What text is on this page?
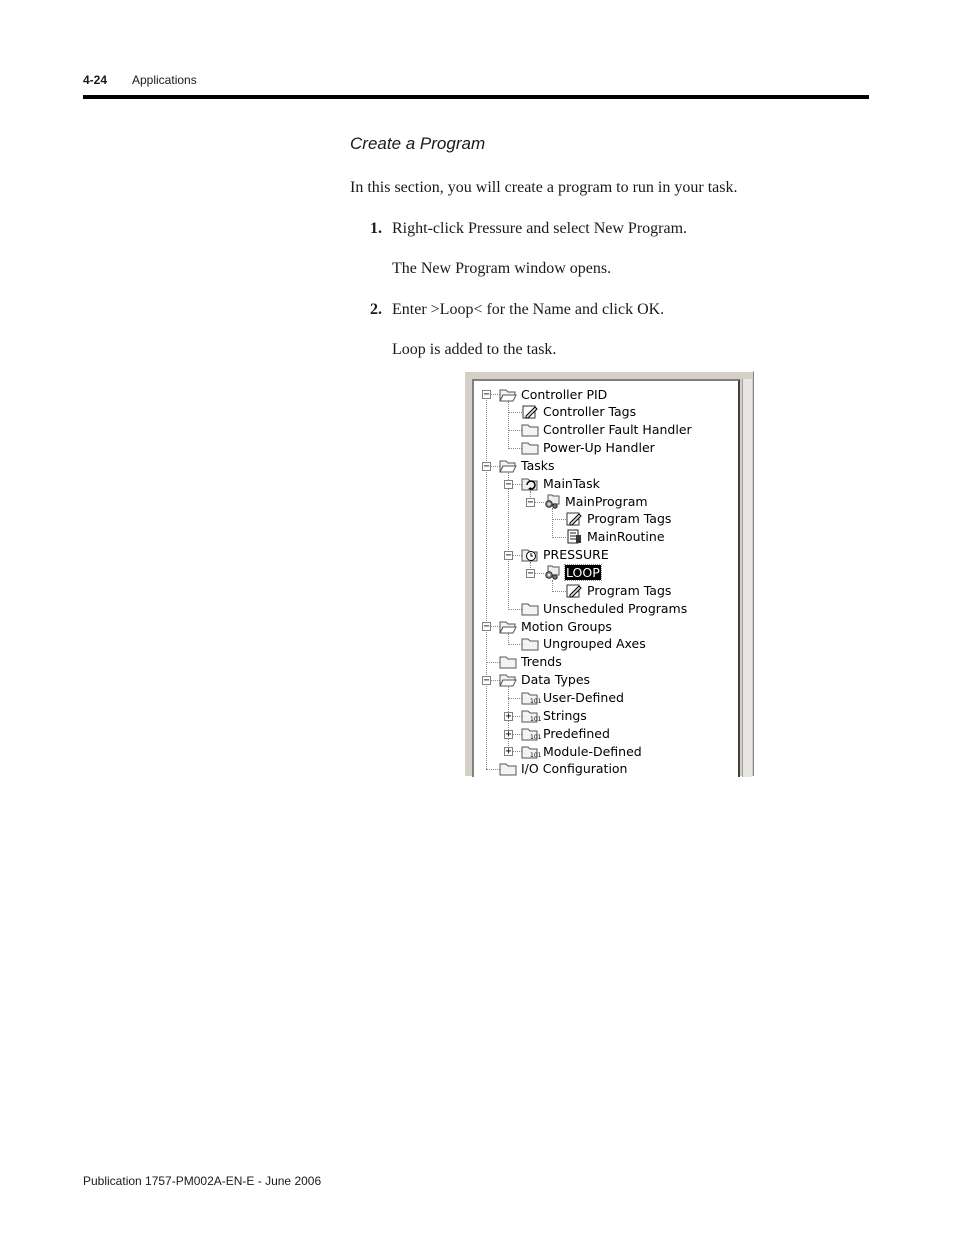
4-24 Applications
Create a Program
In this section, you will create a program to run in your task.
1. Right-click Pressure and select New Program.
The New Program window opens.
2. Enter >Loop< for the Name and click OK.
Loop is added to the task.
−	Controller PID
Controller Tags
Controller Fault Handler
Power-Up Handler
−	Tasks
−	MainTask
−	MainProgram
Program Tags
MainRoutine
−	PRESSURE
−	LOOP
Program Tags
Unscheduled Programs
−	Motion Groups
Ungrouped Axes
Trends
−	Data Types
101 User-Defined
+	101 Strings
+	101 Predefined
+	101 Module-Defined
I/O Configuration
Publication 1757-PM002A-EN-E - June 2006
